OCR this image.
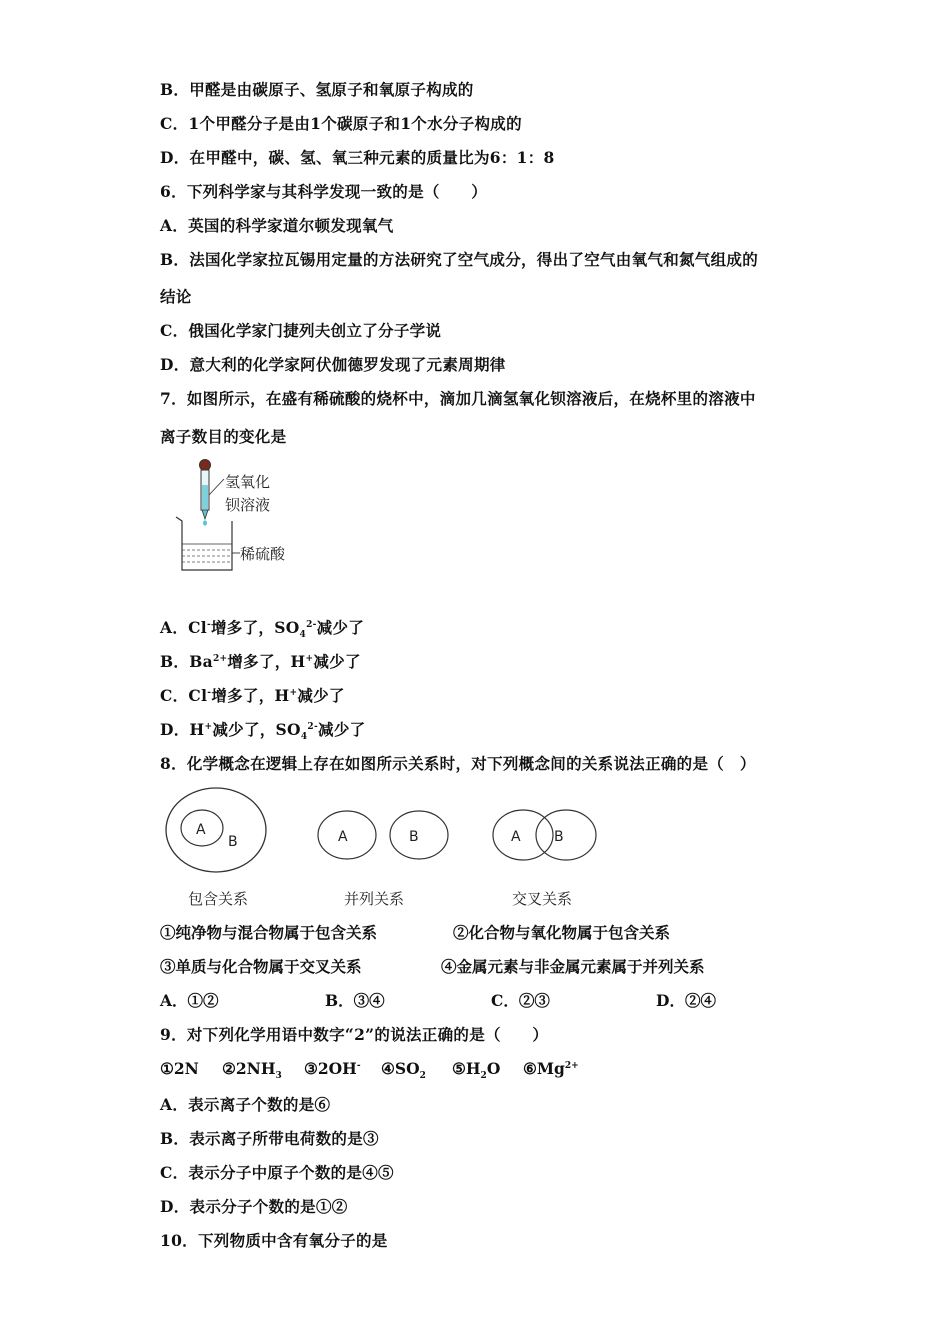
B．甲醛是由碳原子、氢原子和氧原子构成的
C．1个甲醛分子是由1个碳原子和1个水分子构成的
D．在甲醛中，碳、氢、氧三种元素的质量比为6：1：8
6．下列科学家与其科学发现一致的是（　　）
A．英国的科学家道尔顿发现氧气
B．法国化学家拉瓦锡用定量的方法研究了空气成分，得出了空气由氧气和氮气组成的
结论
C．俄国化学家门捷列夫创立了分子学说
D．意大利的化学家阿伏伽德罗发现了元素周期律
7．如图所示，在盛有稀硫酸的烧杯中，滴加几滴氢氧化钡溶液后，在烧杯里的溶液中
离子数目的变化是
氢氧化
钡溶液
稀硫酸
A．Cl-增多了，$SO_4^{2-}$减少了
B．$Ba^{2+}$增多了，H+减少了
C．Cl-增多了，H+减少了
D．H+减少了，$SO_4^{2-}$减少了
8．化学概念在逻辑上存在如图所示关系时，对下列概念间的关系说法正确的是（　）
A
B	A	B	A B
包含关系	并列关系	交叉关系
①纯净物与混合物属于包含关系	②化合物与氧化物属于包含关系
③单质与化合物属于交叉关系	④金属元素与非金属元素属于并列关系
A．①②	B．③④	C．②③	D．②④
9．对下列化学用语中数字“2”的说法正确的是（　　）
①2N $②2NH_3$ ③2OH- $④SO_2$ $⑤H_2O$ $⑥Mg^{2+}$
A．表示离子个数的是⑥
B．表示离子所带电荷数的是③
C．表示分子中原子个数的是④⑤
D．表示分子个数的是①②
10．下列物质中含有氧分子的是
